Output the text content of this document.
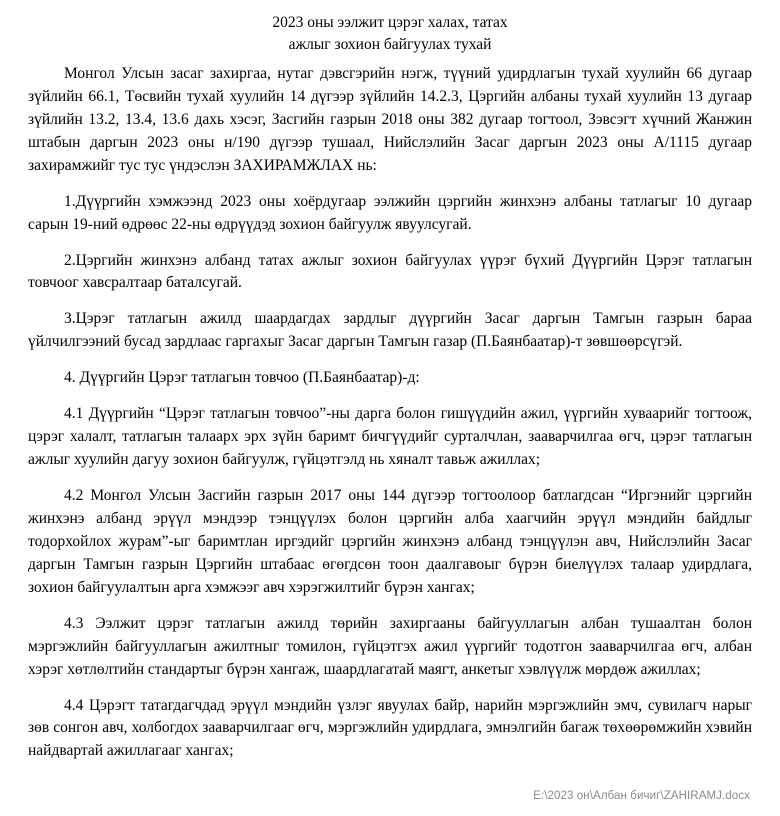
2023 оны ээлжит цэрэг халах, татах
ажлыг зохион байгуулах тухай

Монгол Улсын засаг захиргаа, нутаг дэвсгэрийн нэгж, түүний удирдлагын тухай хуулийн 66 дугаар зүйлийн 66.1, Төсвийн тухай хуулийн 14 дүгээр зүйлийн 14.2.3, Цэргийн албаны тухай хуулийн 13 дугаар зүйлийн 13.2, 13.4, 13.6 дахь хэсэг, Засгийн газрын 2018 оны 382 дугаар тогтоол, Зэвсэгт хүчний Жанжин штабын даргын 2023 оны н/190 дүгээр тушаал, Нийслэлийн Засаг даргын 2023 оны А/1115 дугаар захирамжийг тус тус үндэслэн ЗАХИРАМЖЛАХ нь:

1.Дүүргийн хэмжээнд 2023 оны хоёрдугаар ээлжийн цэргийн жинхэнэ албаны татлагыг 10 дугаар сарын 19-ний өдрөөс 22-ны өдрүүдэд зохион байгуулж явуулсугай.

2.Цэргийн жинхэнэ албанд татах ажлыг зохион байгуулах үүрэг бүхий Дүүргийн Цэрэг татлагын товчоог хавсралтаар баталсугай.

3.Цэрэг татлагын ажилд шаардагдах зардлыг дүүргийн Засаг даргын Тамгын газрын бараа үйлчилгээний бусад зардлаас гаргахыг Засаг даргын Тамгын газар (П.Баянбаатар)-т зөвшөөрсүгэй.

4. Дүүргийн Цэрэг татлагын товчоо (П.Баянбаатар)-д:

4.1 Дүүргийн “Цэрэг татлагын товчоо”-ны дарга болон гишүүдийн ажил, үүргийн хуваарийг тогтоож, цэрэг халалт, татлагын талаарх эрх зүйн баримт бичгүүдийг сурталчлан, зааварчилгаа өгч, цэрэг татлагын ажлыг хуулийн дагуу зохион байгуулж, гүйцэтгэлд нь хяналт тавьж ажиллах;

4.2 Монгол Улсын Засгийн газрын 2017 оны 144 дүгээр тогтоолоор батлагдсан “Иргэнийг цэргийн жинхэнэ албанд эрүүл мэндээр тэнцүүлэх болон цэргийн алба хаагчийн эрүүл мэндийн байдлыг тодорхойлох журам”-ыг баримтлан иргэдийг цэргийн жинхэнэ албанд тэнцүүлэн авч, Нийслэлийн Засаг даргын Тамгын газрын Цэргийн штабаас өгөгдсөн тоон даалгавоыг бүрэн биелүүлэх талаар удирдлага, зохион байгуулалтын арга хэмжээг авч хэрэгжилтийг бүрэн хангах;

4.3 Ээлжит цэрэг татлагын ажилд төрийн захиргааны байгууллагын албан тушаалтан болон мэргэжлийн байгууллагын ажилтныг томилон, гүйцэтгэх ажил үүргийг тодотгон зааварчилгаа өгч, албан хэрэг хөтлөлтийн стандартыг бүрэн хангаж, шаардлагатай маягт, анкетыг хэвлүүлж мөрдөж ажиллах;

4.4 Цэрэгт татагдагчдад эрүүл мэндийн үзлэг явуулах байр, нарийн мэргэжлийн эмч, сувилагч нарыг зөв сонгон авч, холбогдох зааварчилгааг өгч, мэргэжлийн удирдлага, эмнэлгийн багаж төхөөрөмжийн хэвийн найдвартай ажиллагааг хангах;

E:\2023 он\Албан бичиг\ZAHIRAMJ.docx
